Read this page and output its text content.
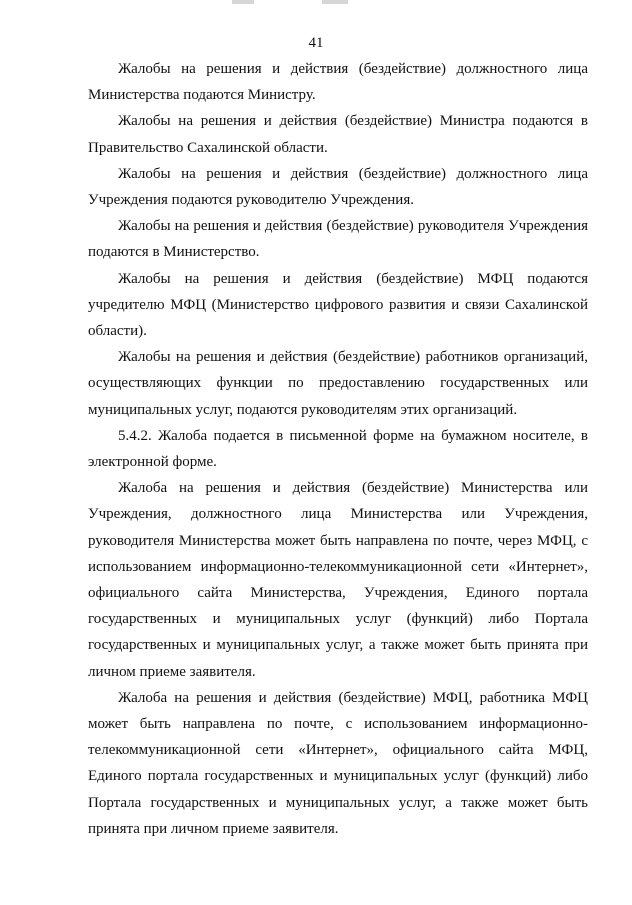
41

Жалобы на решения и действия (бездействие) должностного лица Министерства подаются Министру.

Жалобы на решения и действия (бездействие) Министра подаются в Правительство Сахалинской области.

Жалобы на решения и действия (бездействие) должностного лица Учреждения подаются руководителю Учреждения.

Жалобы на решения и действия (бездействие) руководителя Учреждения подаются в Министерство.

Жалобы на решения и действия (бездействие) МФЦ подаются учредителю МФЦ (Министерство цифрового развития и связи Сахалинской области).

Жалобы на решения и действия (бездействие) работников организаций, осуществляющих функции по предоставлению государственных или муниципальных услуг, подаются руководителям этих организаций.

5.4.2. Жалоба подается в письменной форме на бумажном носителе, в электронной форме.

Жалоба на решения и действия (бездействие) Министерства или Учреждения, должностного лица Министерства или Учреждения, руководителя Министерства может быть направлена по почте, через МФЦ, с использованием информационно-телекоммуникационной сети «Интернет», официального сайта Министерства, Учреждения, Единого портала государственных и муниципальных услуг (функций) либо Портала государственных и муниципальных услуг, а также может быть принята при личном приеме заявителя.

Жалоба на решения и действия (бездействие) МФЦ, работника МФЦ может быть направлена по почте, с использованием информационно-телекоммуникационной сети «Интернет», официального сайта МФЦ, Единого портала государственных и муниципальных услуг (функций) либо Портала государственных и муниципальных услуг, а также может быть принята при личном приеме заявителя.
